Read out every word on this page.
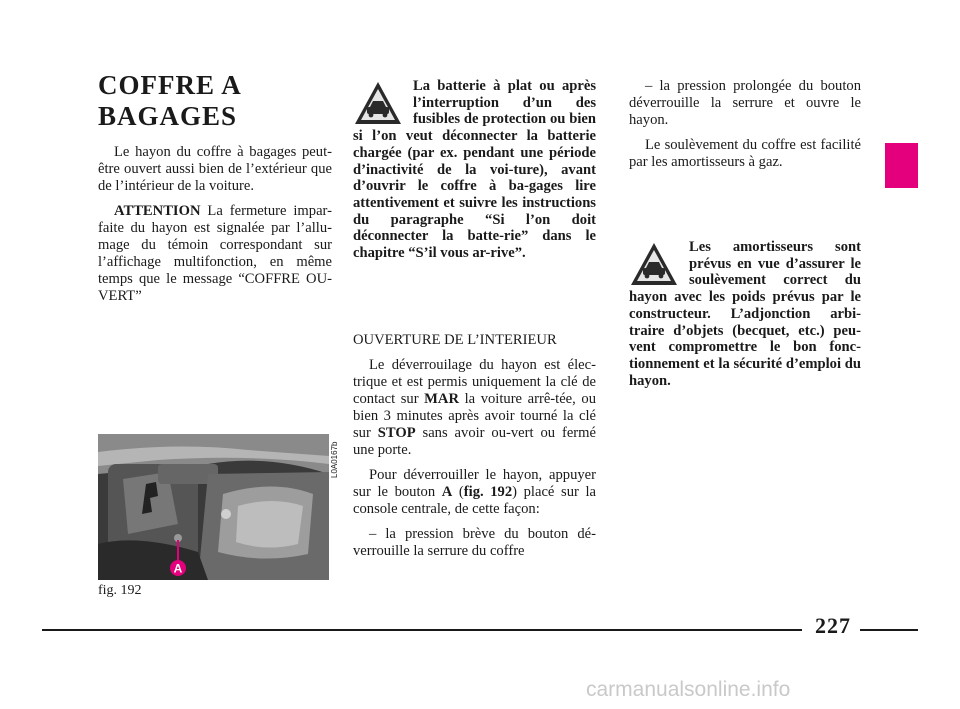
COFFRE A BAGAGES

Le hayon du coffre à bagages peut-être ouvert aussi bien de l’extérieur que de l’intérieur de la voiture.

ATTENTION La fermeture impar-faite du hayon est signalée par l’allu-mage du témoin correspondant sur l’affichage multifonction, en même temps que le message “COFFRE OU-VERT”

La batterie à plat ou après l’interruption d’un des fusibles de protection ou bien si l’on veut déconnecter la batterie chargée (par ex. pendant une période d’inactivité de la voi-ture), avant d’ouvrir le coffre à ba-gages lire attentivement et suivre les instructions du paragraphe “Si l’on doit déconnecter la batte-rie” dans le chapitre “S’il vous ar-rive”.

OUVERTURE DE L’INTERIEUR

Le déverrouilage du hayon est élec-trique et est permis uniquement la clé de contact sur MAR la voiture arrê-tée, ou bien 3 minutes après avoir tourné la clé sur STOP sans avoir ou-vert ou fermé une porte.

Pour déverrouiller le hayon, appuyer sur le bouton A (fig. 192) placé sur la console centrale, de cette façon:

– la pression brève du bouton dé-verrouille la serrure du coffre

– la pression prolongée du bouton déverrouille la serrure et ouvre le hayon.

Le soulèvement du coffre est facilité par les amortisseurs à gaz.

Les amortisseurs sont prévus en vue d’assurer le soulèvement correct du hayon avec les poids prévus par le constructeur. L’adjonction arbi-traire d’objets (becquet, etc.) peu-vent compromettre le bon fonc-tionnement et la sécurité d’emploi du hayon.
A
L0A0167b
fig. 192
227
carmanualsonline.info
